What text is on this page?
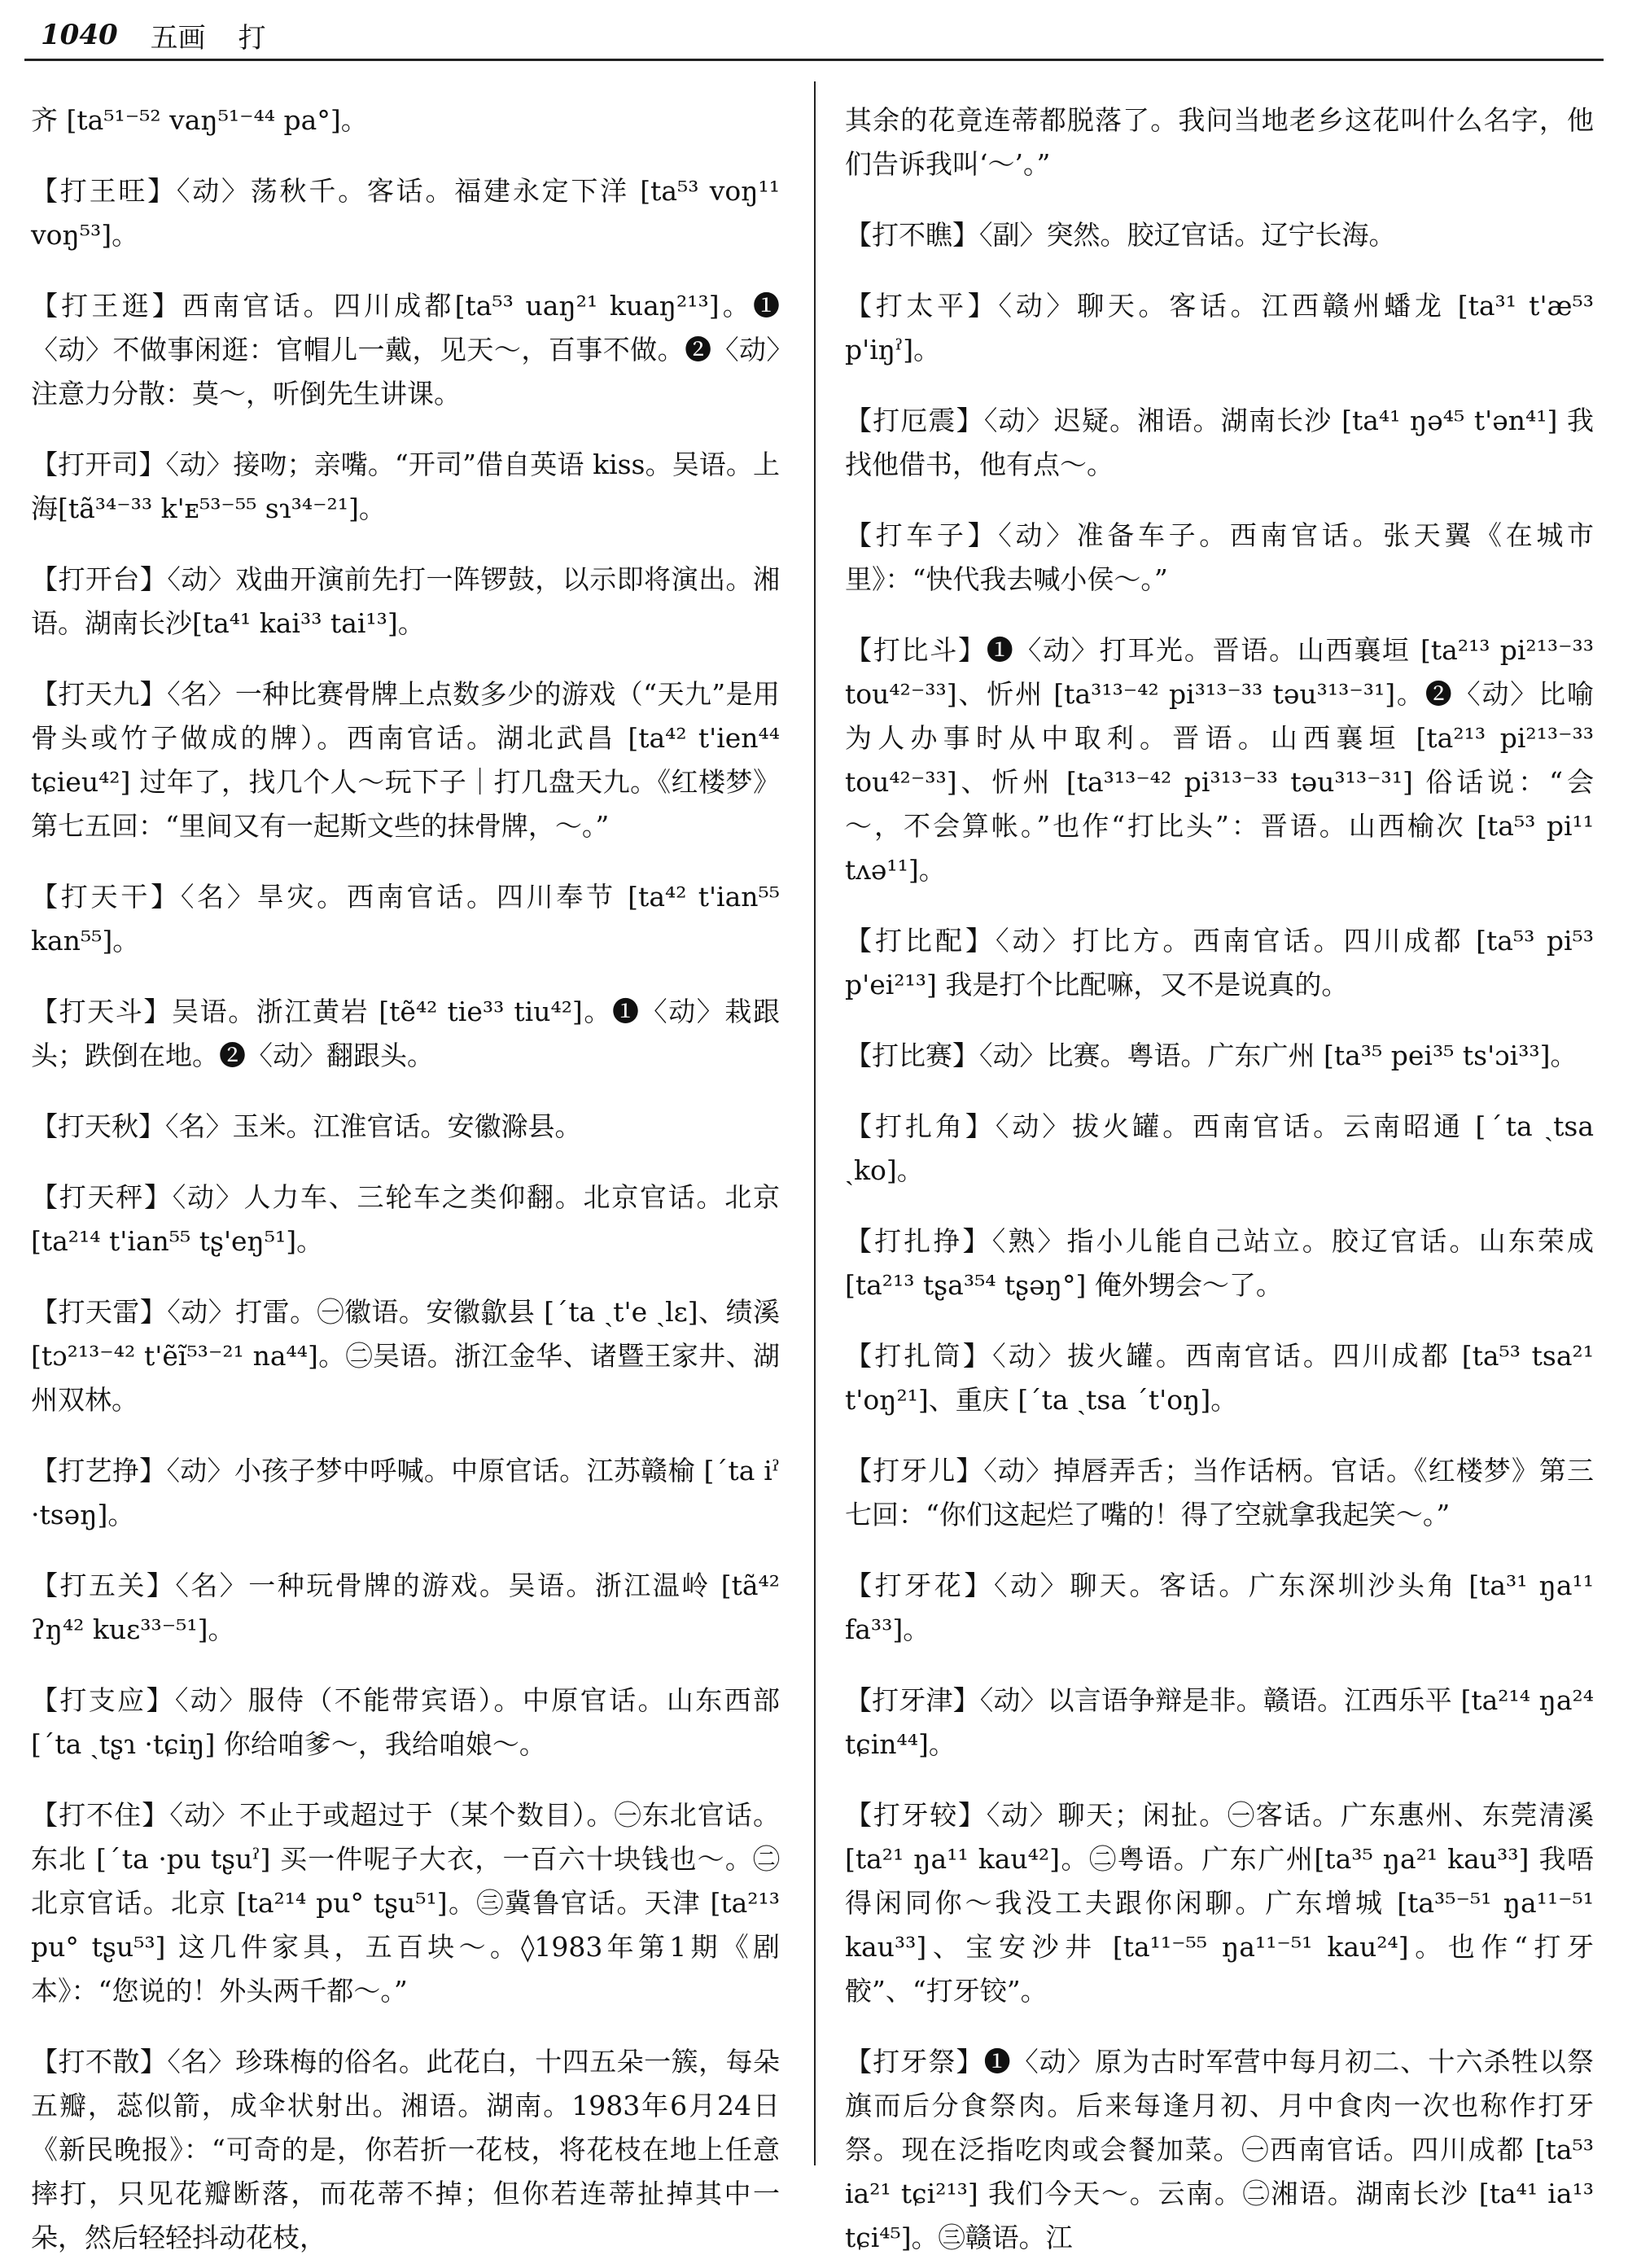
1040 五画 打

齐 [ta⁵¹⁻⁵² vaŋ⁵¹⁻⁴⁴ pa°]。

【打王旺】〈动〉荡秋千。客话。福建永定下洋 [ta⁵³ voŋ¹¹ voŋ⁵³]。

【打王逛】西南官话。四川成都[ta⁵³ uaŋ²¹ kuaŋ²¹³]。❶〈动〉不做事闲逛：官帽儿一戴，见天～，百事不做。❷〈动〉注意力分散：莫～，听倒先生讲课。

【打开司】〈动〉接吻；亲嘴。“开司”借自英语 kiss。吴语。上海[tã³⁴⁻³³ k'ᴇ⁵³⁻⁵⁵ sɿ³⁴⁻²¹]。

【打开台】〈动〉戏曲开演前先打一阵锣鼓，以示即将演出。湘语。湖南长沙[ta⁴¹ kai³³ tai¹³]。

【打天九】〈名〉一种比赛骨牌上点数多少的游戏（“天九”是用骨头或竹子做成的牌）。西南官话。湖北武昌 [ta⁴² t'ien⁴⁴ tɕieu⁴²] 过年了，找几个人～玩下子｜打几盘天九。《红楼梦》第七五回：“里间又有一起斯文些的抹骨牌，～。”

【打天干】〈名〉旱灾。西南官话。四川奉节 [ta⁴² t'ian⁵⁵ kan⁵⁵]。

【打天斗】吴语。浙江黄岩 [tẽ⁴² tie³³ tiu⁴²]。❶〈动〉栽跟头；跌倒在地。❷〈动〉翻跟头。

【打天秋】〈名〉玉米。江淮官话。安徽滁县。

【打天秤】〈动〉人力车、三轮车之类仰翻。北京官话。北京 [ta²¹⁴ t'ian⁵⁵ tʂ'eŋ⁵¹]。

【打天雷】〈动〉打雷。㊀徽语。安徽歙县 [ˊta ˏt'e ˏlɛ]、绩溪 [tɔ²¹³⁻⁴² t'ẽĩ⁵³⁻²¹ na⁴⁴]。㊁吴语。浙江金华、诸暨王家井、湖州双林。

【打艺挣】〈动〉小孩子梦中呼喊。中原官话。江苏赣榆 [ˊta iˀ ·tsəŋ]。

【打五关】〈名〉一种玩骨牌的游戏。吴语。浙江温岭 [tã⁴² ʔŋ⁴² kuɛ³³⁻⁵¹]。

【打支应】〈动〉服侍（不能带宾语）。中原官话。山东西部 [ˊta ˏtʂɿ ·tɕiŋ] 你给咱爹～，我给咱娘～。

【打不住】〈动〉不止于或超过于（某个数目）。㊀东北官话。东北 [ˊta ·pu tʂuˀ] 买一件呢子大衣，一百六十块钱也～。㊁北京官话。北京 [ta²¹⁴ pu° tʂu⁵¹]。㊂冀鲁官话。天津 [ta²¹³ pu° tʂu⁵³] 这几件家具，五百块～。◊1983年第1期《剧本》：“您说的！外头两千都～。”

【打不散】〈名〉珍珠梅的俗名。此花白，十四五朵一簇，每朵五瓣，蕊似箭，成伞状射出。湘语。湖南。1983年6月24日《新民晚报》：“可奇的是，你若折一花枝，将花枝在地上任意摔打，只见花瓣断落，而花蒂不掉；但你若连蒂扯掉其中一朵，然后轻轻抖动花枝，

其余的花竟连蒂都脱落了。我问当地老乡这花叫什么名字，他们告诉我叫‘～’。”

【打不瞧】〈副〉突然。胶辽官话。辽宁长海。

【打太平】〈动〉聊天。客话。江西赣州蟠龙 [ta³¹ t'æ⁵³ p'iŋˀ]。

【打厄震】〈动〉迟疑。湘语。湖南长沙 [ta⁴¹ ŋə⁴⁵ t'ən⁴¹] 我找他借书，他有点～。

【打车子】〈动〉准备车子。西南官话。张天翼《在城市里》：“快代我去喊小侯～。”

【打比斗】❶〈动〉打耳光。晋语。山西襄垣 [ta²¹³ pi²¹³⁻³³ tou⁴²⁻³³]、忻州 [ta³¹³⁻⁴² pi³¹³⁻³³ təu³¹³⁻³¹]。❷〈动〉比喻为人办事时从中取利。晋语。山西襄垣 [ta²¹³ pi²¹³⁻³³ tou⁴²⁻³³]、忻州 [ta³¹³⁻⁴² pi³¹³⁻³³ təu³¹³⁻³¹] 俗话说：“会～，不会算帐。”也作“打比头”：晋语。山西榆次 [ta⁵³ pi¹¹ tʌə¹¹]。

【打比配】〈动〉打比方。西南官话。四川成都 [ta⁵³ pi⁵³ p'ei²¹³] 我是打个比配嘛，又不是说真的。

【打比赛】〈动〉比赛。粤语。广东广州 [ta³⁵ pei³⁵ ts'ɔi³³]。

【打扎角】〈动〉拔火罐。西南官话。云南昭通 [ˊta ˏtsa ˏko]。

【打扎挣】〈熟〉指小儿能自己站立。胶辽官话。山东荣成 [ta²¹³ tʂa³⁵⁴ tʂəŋ°] 俺外甥会～了。

【打扎筒】〈动〉拔火罐。西南官话。四川成都 [ta⁵³ tsa²¹ t'oŋ²¹]、重庆 [ˊta ˏtsa ˊt'oŋ]。

【打牙儿】〈动〉掉唇弄舌；当作话柄。官话。《红楼梦》第三七回：“你们这起烂了嘴的！得了空就拿我起笑～。”

【打牙花】〈动〉聊天。客话。广东深圳沙头角 [ta³¹ ŋa¹¹ fa³³]。

【打牙津】〈动〉以言语争辩是非。赣语。江西乐平 [ta²¹⁴ ŋa²⁴ tɕin⁴⁴]。

【打牙较】〈动〉聊天；闲扯。㊀客话。广东惠州、东莞清溪 [ta²¹ ŋa¹¹ kau⁴²]。㊁粤语。广东广州[ta³⁵ ŋa²¹ kau³³] 我唔得闲同你～我没工夫跟你闲聊。广东增城 [ta³⁵⁻⁵¹ ŋa¹¹⁻⁵¹ kau³³]、宝安沙井 [ta¹¹⁻⁵⁵ ŋa¹¹⁻⁵¹ kau²⁴]。也作“打牙骹”、“打牙铰”。

【打牙祭】❶〈动〉原为古时军营中每月初二、十六杀牲以祭旗而后分食祭肉。后来每逢月初、月中食肉一次也称作打牙祭。现在泛指吃肉或会餐加菜。㊀西南官话。四川成都 [ta⁵³ ia²¹ tɕi²¹³] 我们今天～。云南。㊁湘语。湖南长沙 [ta⁴¹ ia¹³ tɕi⁴⁵]。㊂赣语。江
